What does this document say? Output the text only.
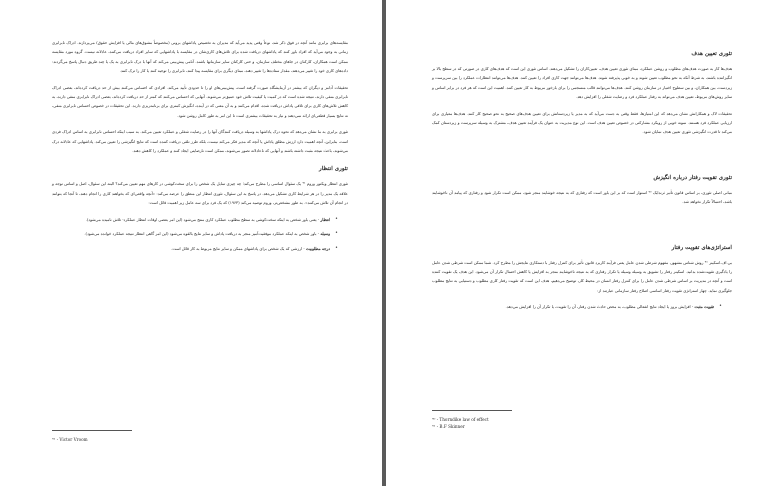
مقایسه‌های برابری مانند آنچه در فوق ذکر شد، نوعاً وقتی پدید می‌آید که مدیران به تخصیص پاداشهای برونی (مخصوصاً مشوق‌های مالی یا افزایش حقوق) می‌پردازند. ادراک نابرابری زمانی به وجود می‌آید که افراد باور کنند که پاداشهای دریافت شده برای تلاش‌های کاری‌شان در مقایسه با پاداشهایی که سایر افراد دریافت می‌کنند، عادلانه نیست. گروه مورد مقایسه ممکن است همکاران، کارکنان در جاهای مختلف سازمان، و حتی کارکنان سایر سازمانها باشند. آنامی پیش‌بینی می‌کند که آنها با درک نابرابری به یک یا چند طریق دنبال پاسخ می‌گردند: داده‌های کاری خود را تغییر می‌دهند، مقدار ستاده‌ها را تغییر دهند، مبنای دیگری برای مقایسه پیدا کنند، نابرابری را توجیه کنند یا کار را ترک کنند.

تحقیقات آدامز و دیگران که بیشتر در آزمایشگاه صورت گرفته است، پیش‌بینی‌های او را تا حدودی تأیید می‌کند. افرادی که احساس می‌کنند بیش از حد دریافت کرده‌اند، بعضی ادراک نابرابری منفی دارند، نتیجه شده است که در کمیت یا کیفیت تلاش خود عمیق‌تر می‌شوند. آنهایی که احساس می‌کنند که کمتر از حد دریافت کرده‌اند، بعضی ادراک نابرابری منفی دارند، به کاهش تلاش‌های کاری برای تلافی پاداش دریافت شده، اقدام می‌کنند و به آن معنی که در آینده، انگیزش کمتری برای برنامه‌ریزی دارند. این تحقیقات در خصوص احساس نابرابری منفی، نه نتایج بسیار قطعی‌ای ارائه نمی‌دهند و نیاز به تحقیقات بیشتری است تا این امر به طور کامل روشن شود.

تئوری برابری به ما نشان می‌دهد که نحوه درک پاداشها به وسیله دریافت کنندگان آنها را در رضایت شغلی و عملکرد تعیین می‌کند. به سبب اینکه احساس نابرابری به اساس ادراک فردی است، بنابراین، آنچه اهمیت دارد ارزش مطلق پاداش یا آنچه که مدیر فکر می‌کند نیست، بلکه طرز تلقی دریافت کننده است که نتایج انگیزشی را تعیین می‌کند. پاداشهایی که عادلانه درک می‌شوند، باعث نتیجه مثبت داشته باشند و آنهایی که ناعادلانه تصور می‌شوند، ممکن است نارضایتی ایجاد کنند و عملکرد را کاهش دهند.

تئوری انتظار

تئوری انتظار ویکتور وروم ⁴¹ یک سئوال اساسی را مطرح می‌کند؛ چه چیزی تمایل یک شخص را برای سخت‌کوشی در کارهای مهم تعیین می‌کند؟ البته این سئوال، اصل و اساس توجه و علاقه یک مدیر را در هر شرایط کاری تشکیل می‌دهد. در پاسخ به این سئوال، تئوری انتظار این منطق را عرضه می‌کند: «آنچه واقعی‌ای که بخواهند کاری را انجام دهند، تا آنجا که بتوانند در انجام آن تلاش می‌کنند». به طور مشخص‌تر، وروم توصیه می‌کند (۱۹۶۴) که یک فرد برای سه عامل زیر اهمیت قائل است:

• انتظار - یعنی باور شخص به اینکه سخت‌کوشی به سطح مطلوب عملکرد کاری منتج می‌شود (این امر بعضی اوقات انتظار عملکرد- تلاش نامیده می‌شود).
• وسیله - باور شخص به اینکه عملکرد موفقیت‌آمیز منجر به دریافت پاداش و سایر نتایج بالقوه می‌شود (این امر گاهی انتظار نتیجه عملکرد خوانده می‌شود).
• درجه مطلوبیت - ارزشی که یک شخص برای پاداشهای ممکن و سایر نتایج مربوط به کار قائل است.
⁴¹ - Victor Vroom
تئوری تعیین هدف

هدف‌ها کار به صورت هدف‌های مطلوب و روشن عملکرد، مبنای تئوری تعیین هدف، تعیین‌کاران را تشکیل می‌دهند. اساس تئوری این است که هدف‌های کاری در صورتی که در سطح بالا بر انگیزاننده باشند، به شرط آنکه به نحو مطلوب تعیین شوند و به خوبی پذیرفته شوند. هدف‌ها می‌توانند جهت کاری افراد را تعیین کنند. هدف‌ها می‌توانند انتظارات عملکرد را بین سرپرست و زیردست، بین همکاران، و بین سطوح اختیار در سازمان روشن کنند. هدف‌ها می‌توانند قالب منسجمی را برای بازخور مربوط به کار تعیین کنند. اهمیت این است که هر فرد در برابر اساس و سایر روش‌های مربوط، تعیین هدف می‌تواند به رفتار عملکرد فرد و رضایت شغلی را افزایش دهد.

تحقیقات لاک و همکارانش نشان می‌دهد که این امتیازها، فقط وقتی به دست می‌آید که به مدیر یا زیردستانش برای تعیین هدف‌های صحیح به نحو صحیح کار کنند. هدف‌ها معیاری برای ارزیابی عملکرد فرد هستند. نمونه خوبی از رویکرد مشارکتی در خصوص تعیین هدف است. این نوع مدیریت به عنوان یک فرآیند تعیین هدف، مشترک به وسیله سرپرست و زیردستان کمک می‌کند تا قدرت انگیزشی تئوری تعیین هدف نمایان شود.

تئوری تقویت رفتار درباره انگیزش

مبانی اصلی تئوری، بر اساس قانون تأثیر ثرندایک ⁴⁰ استوار است که بر این باور است که رفتاری که به نتیجه خوشایند منجر شود، ممکن است تکرار شود و رفتاری که پیامد آن ناخوشایند باشد، احتمالاً تکرار نخواهد شد.

استراتژی‌های تقویت رفتار

بی.اف.اسکینر ⁴¹ روش شناس مشهور، مفهوم شرطی شدن عامل یعنی فرآیند کاربرد قانون تأثیر برای کنترل رفتار با دستکاری نتایجش را مطرح کرد. شما ممکن است شرطی شدن عامل را یادگیری تقویت‌شده بدانید. اسکینر رفتار را تشویق به وسیله وسیله یا تکرار رفتاری که به نتیجه ناخوشایند منجر به افزایش یا کاهش احتمال تکرار آن می‌شود. این هدف یک تقویت کننده است و آنچه در مدیریت بر اساس شرطی شدن عامل را برای کنترل رفتار انسان در محیط کار، توضیح می‌دهیم، هدف این است که تقویت رفتار کاری مطلوب و دستیابی به نتایج مطلوب جلوگیری نماید. چهار استراتژی تقویت رفتار اساسی اصلاح رفتار سازمانی عبارتند از:

• تقویت مثبت - افزایش بروز یا ایجاد نتایج انفعالی مطلوب، به محض حادث شدن رفتار، آن را تقویت، یا تکرار آن را افزایش می‌دهد.
⁴⁰ - Thorndike law of effect
⁴¹ - B.F Skinner
